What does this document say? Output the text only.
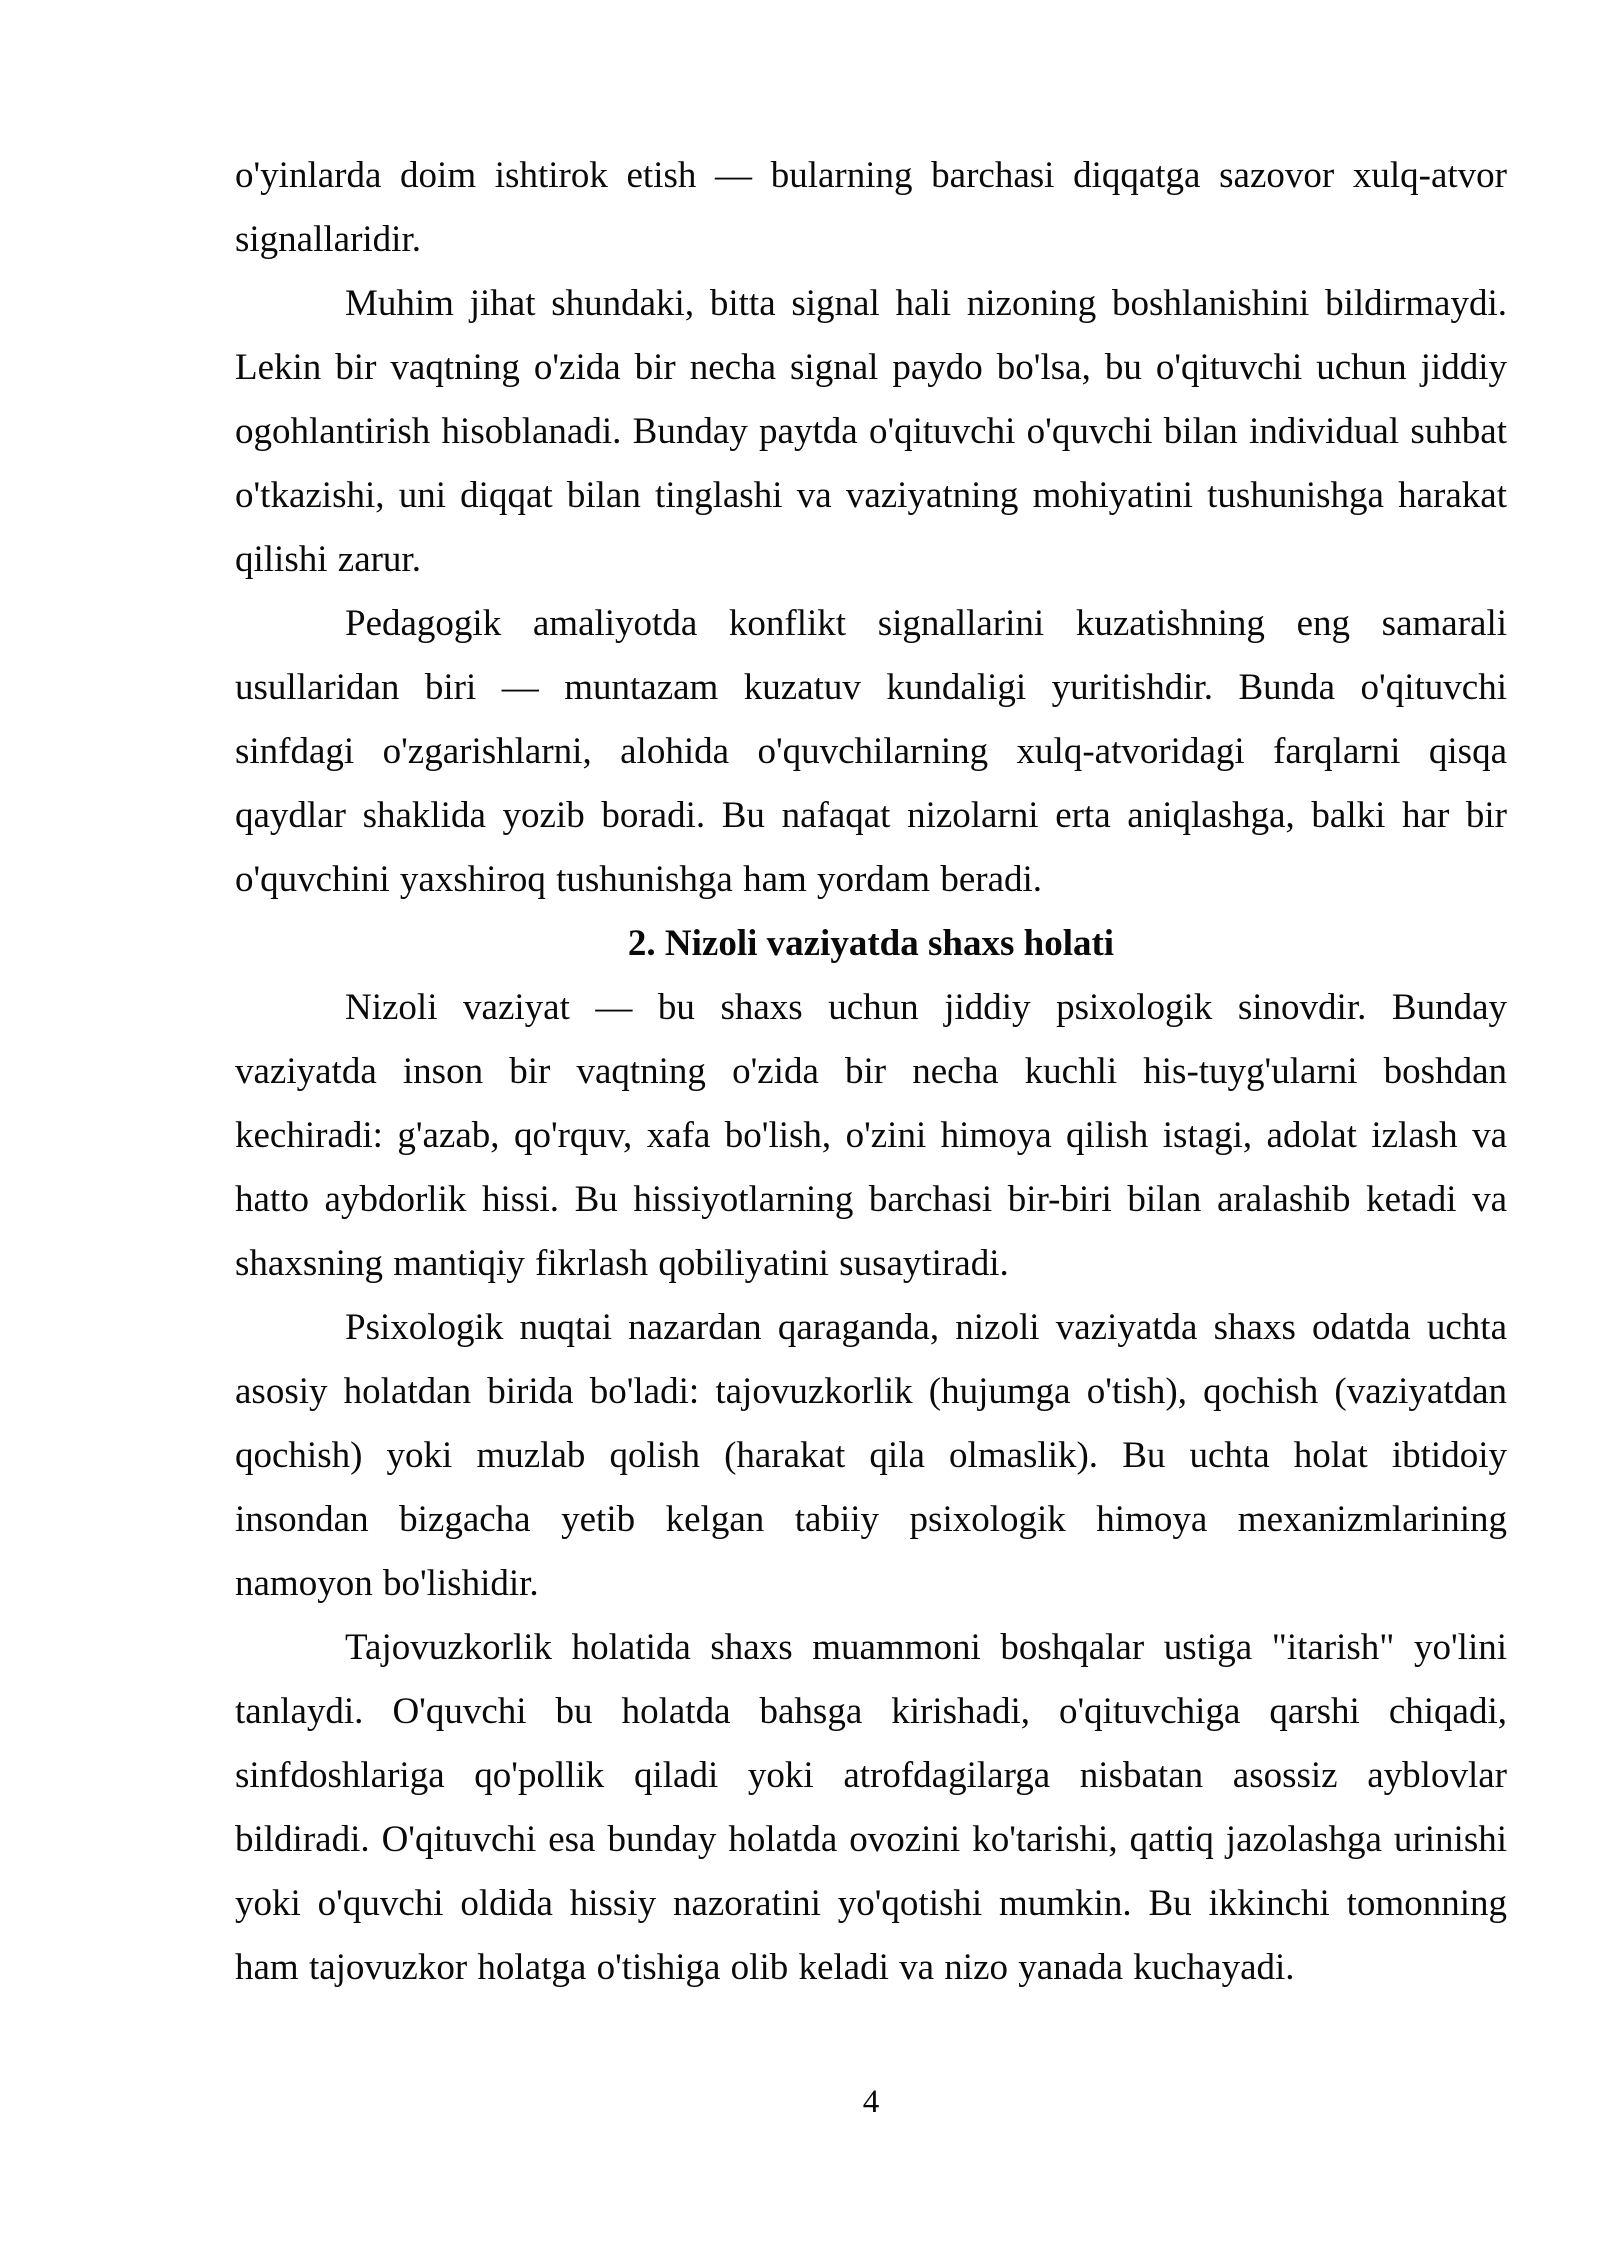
o'yinlarda doim ishtirok etish — bularning barchasi diqqatga sazovor xulq-atvor signallaridir.

Muhim jihat shundaki, bitta signal hali nizoning boshlanishini bildirmaydi. Lekin bir vaqtning o'zida bir necha signal paydo bo'lsa, bu o'qituvchi uchun jiddiy ogohlantirish hisoblanadi. Bunday paytda o'qituvchi o'quvchi bilan individual suhbat o'tkazishi, uni diqqat bilan tinglashi va vaziyatning mohiyatini tushunishga harakat qilishi zarur.

Pedagogik amaliyotda konflikt signallarini kuzatishning eng samarali usullaridan biri — muntazam kuzatuv kundaligi yuritishdir. Bunda o'qituvchi sinfdagi o'zgarishlarni, alohida o'quvchilarning xulq-atvoridagi farqlarni qisqa qaydlar shaklida yozib boradi. Bu nafaqat nizolarni erta aniqlashga, balki har bir o'quvchini yaxshiroq tushunishga ham yordam beradi.

2. Nizoli vaziyatda shaxs holati

Nizoli vaziyat — bu shaxs uchun jiddiy psixologik sinovdir. Bunday vaziyatda inson bir vaqtning o'zida bir necha kuchli his-tuyg'ularni boshdan kechiradi: g'azab, qo'rquv, xafa bo'lish, o'zini himoya qilish istagi, adolat izlash va hatto aybdorlik hissi. Bu hissiyotlarning barchasi bir-biri bilan aralashib ketadi va shaxsning mantiqiy fikrlash qobiliyatini susaytiradi.

Psixologik nuqtai nazardan qaraganda, nizoli vaziyatda shaxs odatda uchta asosiy holatdan birida bo'ladi: tajovuzkorlik (hujumga o'tish), qochish (vaziyatdan qochish) yoki muzlab qolish (harakat qila olmaslik). Bu uchta holat ibtidoiy insondan bizgacha yetib kelgan tabiiy psixologik himoya mexanizmlarining namoyon bo'lishidir.

Tajovuzkorlik holatida shaxs muammoni boshqalar ustiga "itarish" yo'lini tanlaydi. O'quvchi bu holatda bahsga kirishadi, o'qituvchiga qarshi chiqadi, sinfdoshlariga qo'pollik qiladi yoki atrofdagilarga nisbatan asossiz ayblovlar bildiradi. O'qituvchi esa bunday holatda ovozini ko'tarishi, qattiq jazolashga urinishi yoki o'quvchi oldida hissiy nazoratini yo'qotishi mumkin. Bu ikkinchi tomonning ham tajovuzkor holatga o'tishiga olib keladi va nizo yanada kuchayadi.

4
